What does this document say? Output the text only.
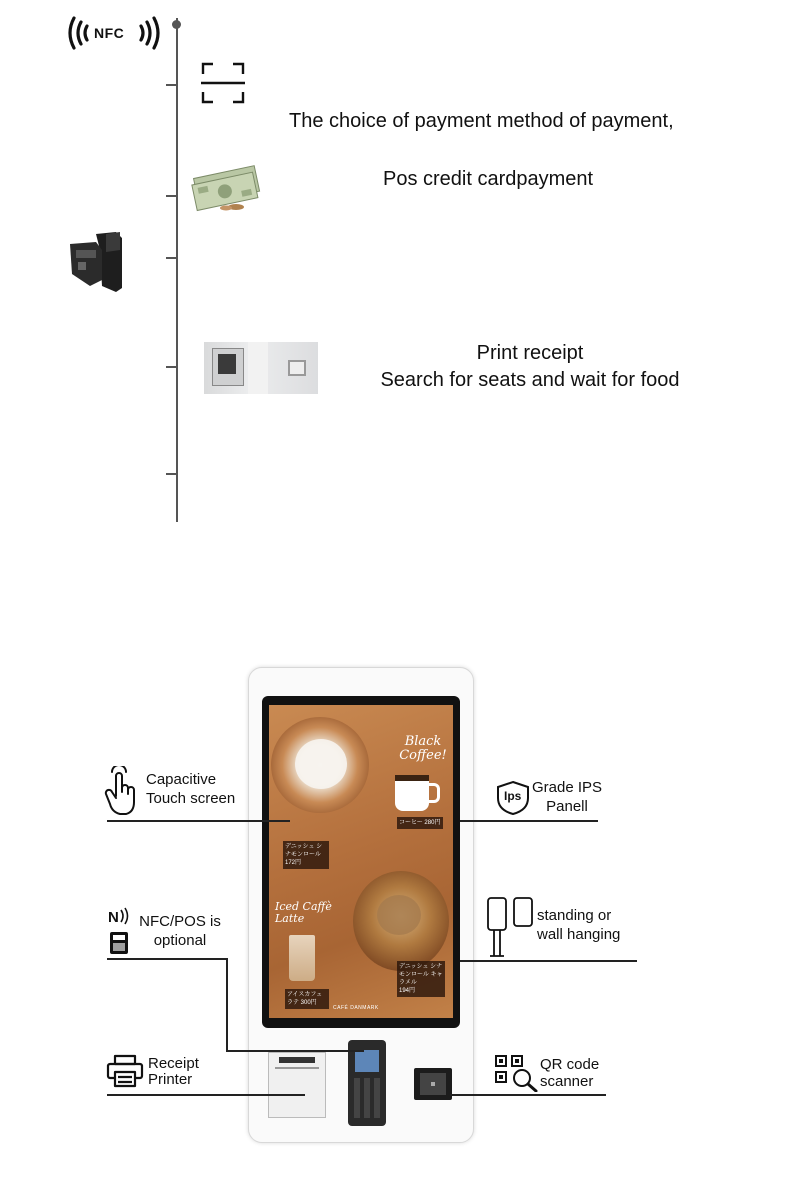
NFC
The choice of payment method of payment,
Pos credit cardpayment
Print receipt
Search for seats and wait for food
Black Coffee!
Iced Caffè Latte
デニッシュ シナモンロール
172円
コーヒー 280円
デニッシュ シナモンロール キャラメル
194円
アイスカフェラテ 300円
CAFÉ DANMARK
Capacitive
Touch screen	Ips Grade IPS
Panell
N NFC/POS is
optional
standing or
wall hanging
Receipt
Printer
QR code
scanner
